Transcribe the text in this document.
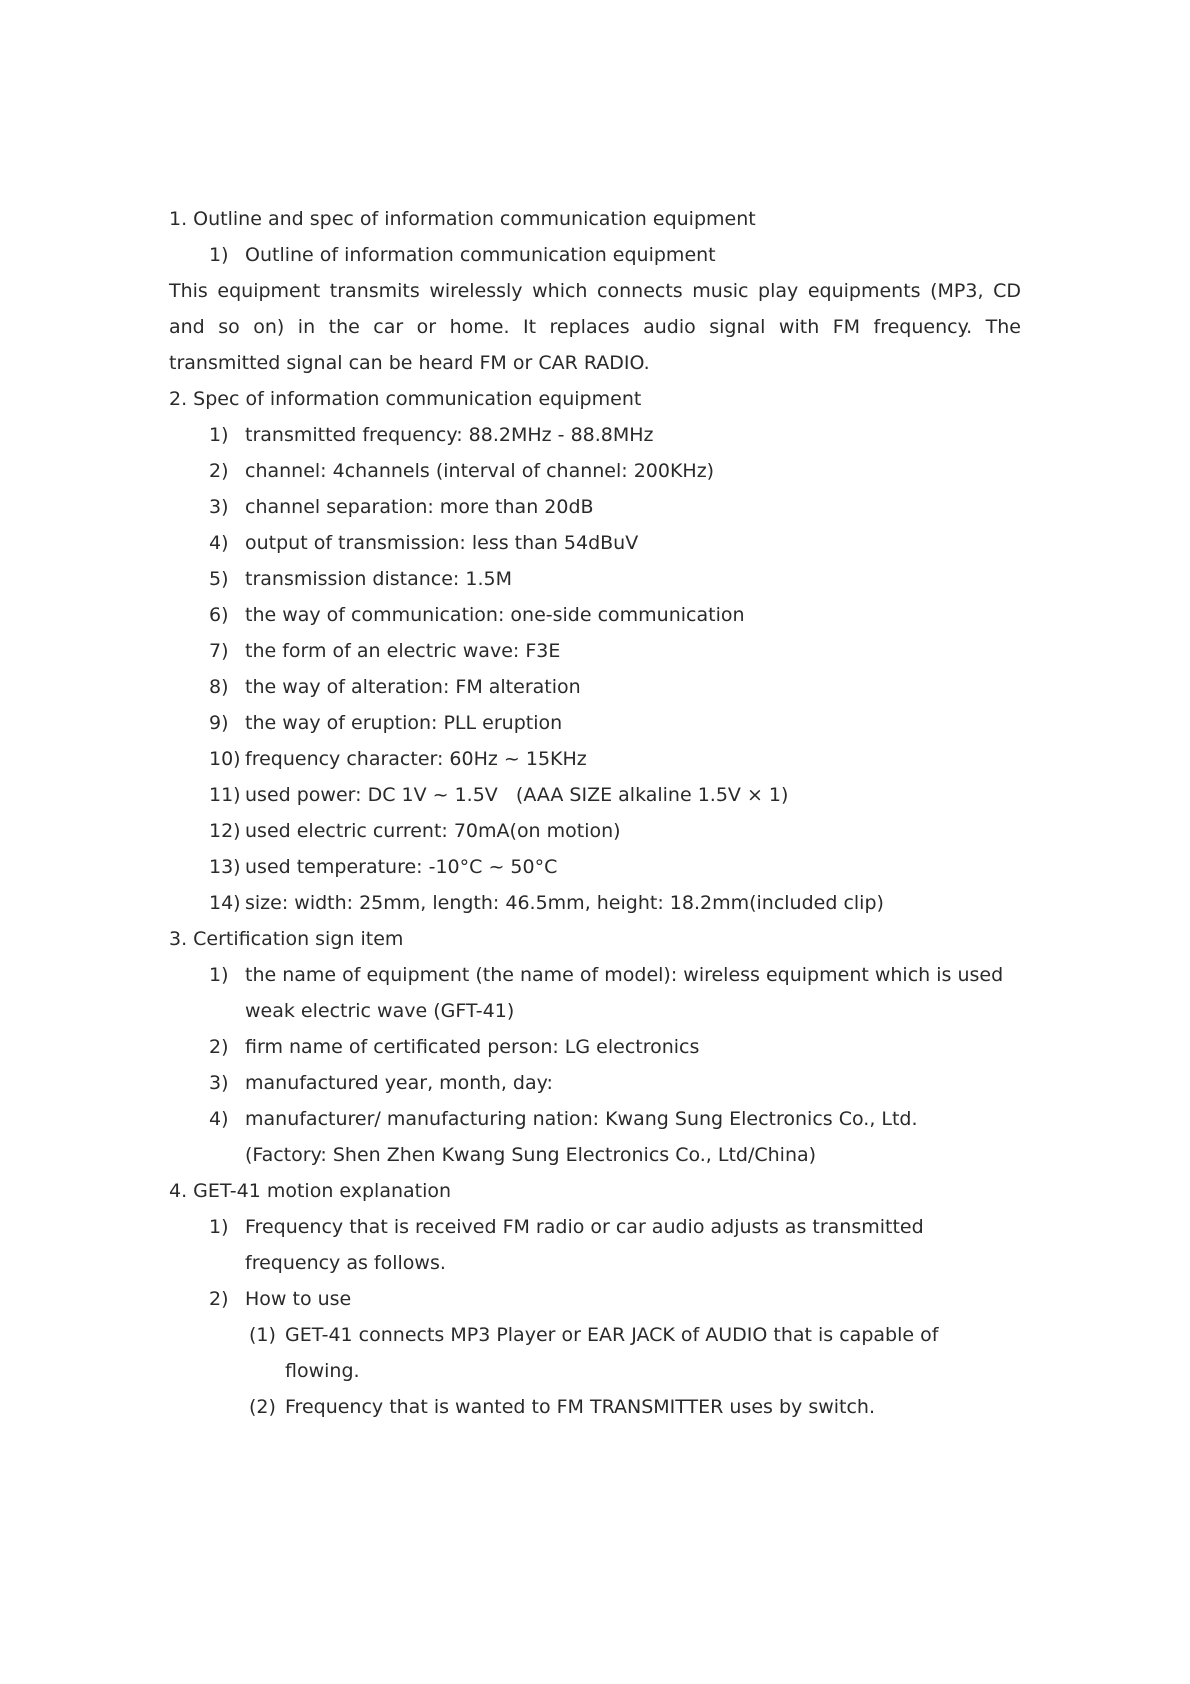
1. Outline and spec of information communication equipment
1) Outline of information communication equipment
This equipment transmits wirelessly which connects music play equipments (MP3, CD
and so on) in the car or home. It replaces audio signal with FM frequency. The
transmitted signal can be heard FM or CAR RADIO.
2. Spec of information communication equipment
1) transmitted frequency: 88.2MHz - 88.8MHz
2) channel: 4channels (interval of channel: 200KHz)
3) channel separation: more than 20dB
4) output of transmission: less than 54dBuV
5) transmission distance: 1.5M
6) the way of communication: one-side communication
7) the form of an electric wave: F3E
8) the way of alteration: FM alteration
9) the way of eruption: PLL eruption
10) frequency character: 60Hz ~ 15KHz
11) used power: DC 1V ~ 1.5V   (AAA SIZE alkaline 1.5V × 1)
12) used electric current: 70mA(on motion)
13) used temperature: -10°C ~ 50°C
14) size: width: 25mm, length: 46.5mm, height: 18.2mm(included clip)
3. Certification sign item
1) the name of equipment (the name of model): wireless equipment which is used
weak electric wave (GFT-41)
2) firm name of certificated person: LG electronics
3) manufactured year, month, day:
4) manufacturer/ manufacturing nation: Kwang Sung Electronics Co., Ltd.
(Factory: Shen Zhen Kwang Sung Electronics Co., Ltd/China)
4. GET-41 motion explanation
1) Frequency that is received FM radio or car audio adjusts as transmitted
frequency as follows.
2) How to use
(1) GET-41 connects MP3 Player or EAR JACK of AUDIO that is capable of
flowing.
(2) Frequency that is wanted to FM TRANSMITTER uses by switch.
